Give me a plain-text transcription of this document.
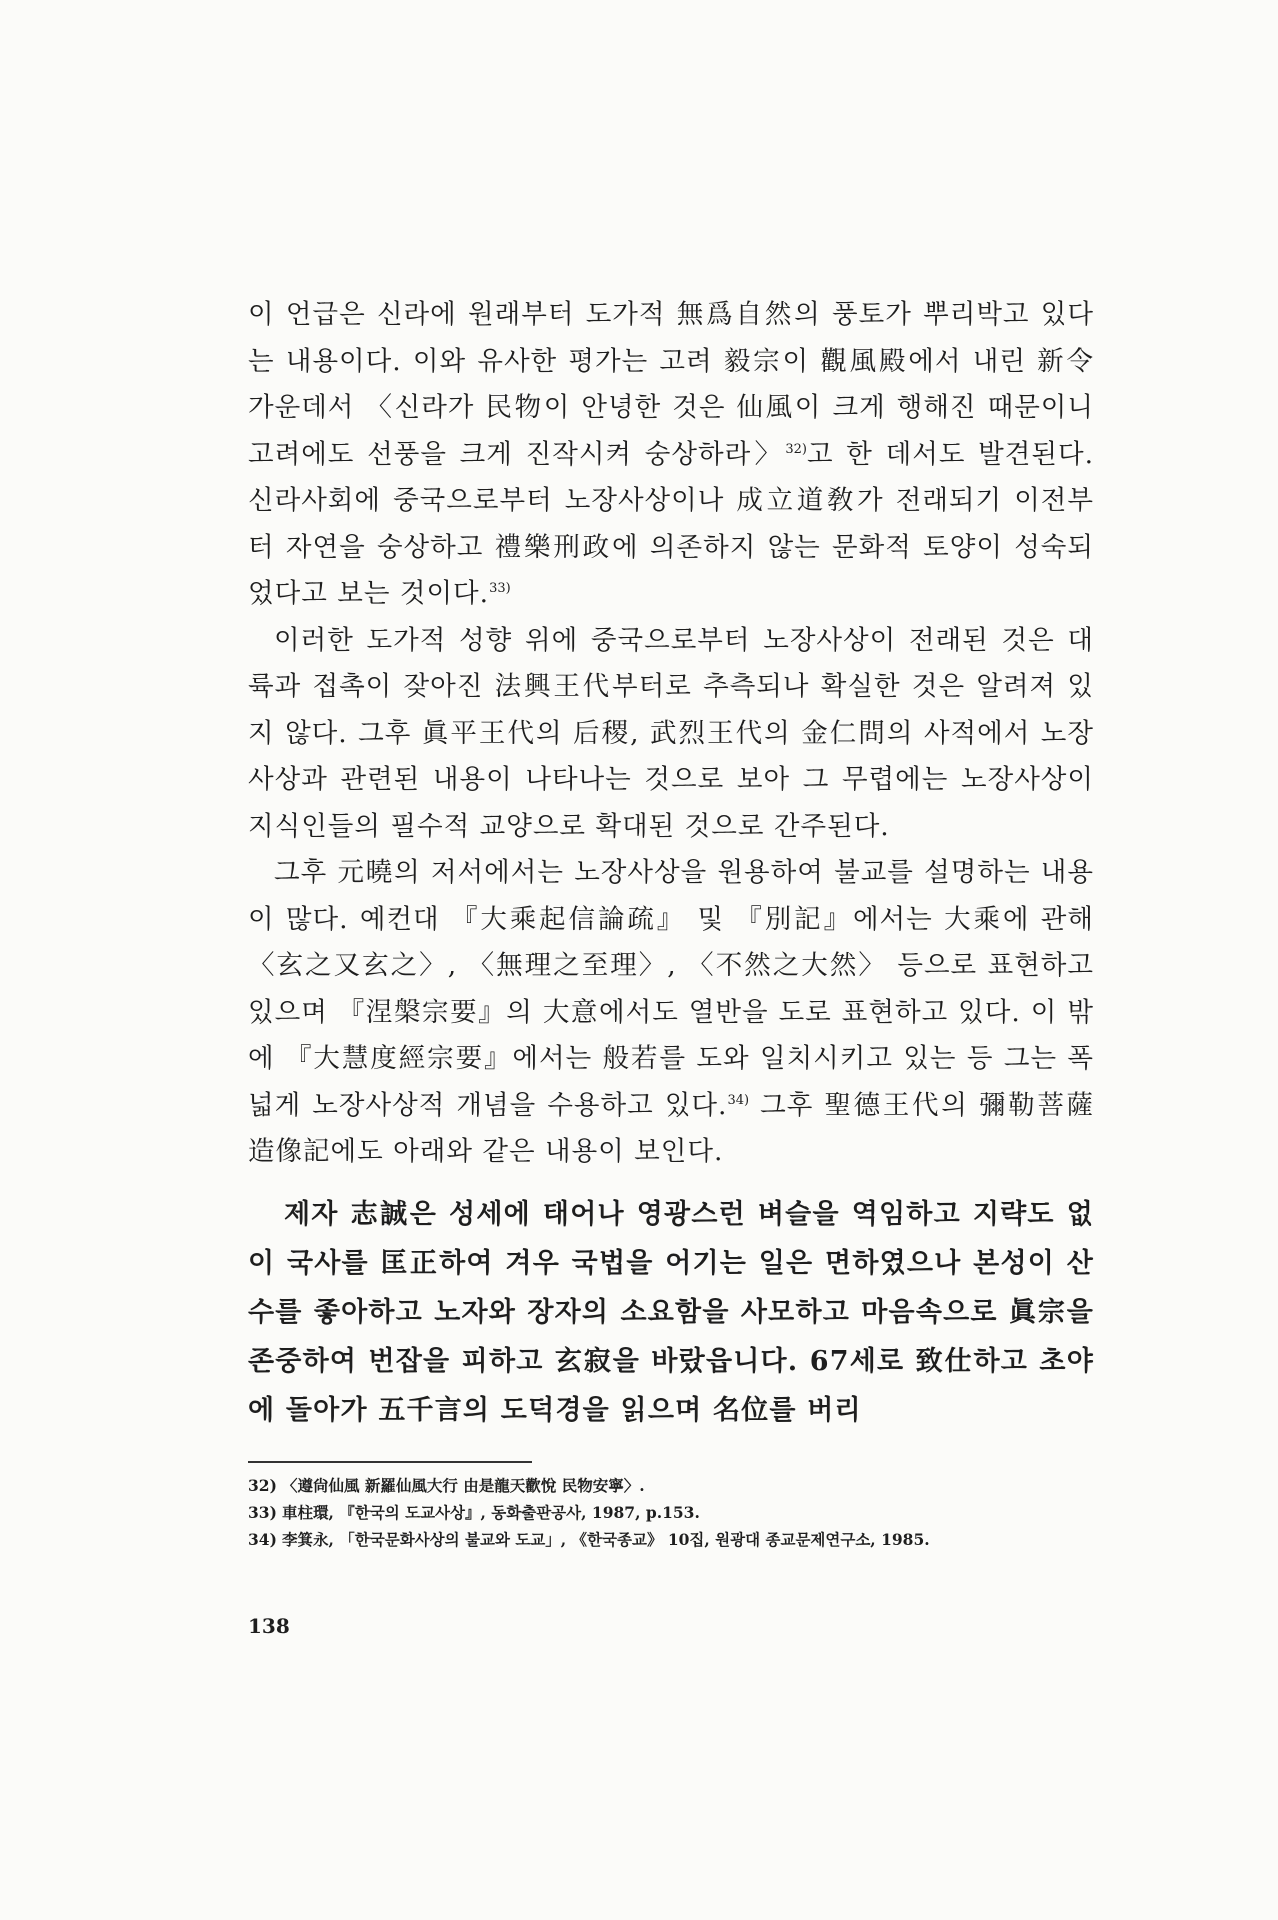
이 언급은 신라에 원래부터 도가적 無爲自然의 풍토가 뿌리박고 있다는 내용이다. 이와 유사한 평가는 고려 毅宗이 觀風殿에서 내린 新令 가운데서 〈신라가 民物이 안녕한 것은 仙風이 크게 행해진 때문이니 고려에도 선풍을 크게 진작시켜 숭상하라〉$^{32)}$고 한 데서도 발견된다. 신라사회에 중국으로부터 노장사상이나 成立道敎가 전래되기 이전부터 자연을 숭상하고 禮樂刑政에 의존하지 않는 문화적 토양이 성숙되었다고 보는 것이다.$^{33)}$

이러한 도가적 성향 위에 중국으로부터 노장사상이 전래된 것은 대륙과 접촉이 잦아진 法興王代부터로 추측되나 확실한 것은 알려져 있지 않다. 그후 眞平王代의 后稷, 武烈王代의 金仁問의 사적에서 노장사상과 관련된 내용이 나타나는 것으로 보아 그 무렵에는 노장사상이 지식인들의 필수적 교양으로 확대된 것으로 간주된다.

그후 元曉의 저서에서는 노장사상을 원용하여 불교를 설명하는 내용이 많다. 예컨대 『大乘起信論疏』 및 『別記』에서는 大乘에 관해 〈玄之又玄之〉, 〈無理之至理〉, 〈不然之大然〉 등으로 표현하고 있으며 『涅槃宗要』의 大意에서도 열반을 도로 표현하고 있다. 이 밖에 『大慧度經宗要』에서는 般若를 도와 일치시키고 있는 등 그는 폭넓게 노장사상적 개념을 수용하고 있다.$^{34)}$ 그후 聖德王代의 彌勒菩薩造像記에도 아래와 같은 내용이 보인다.

제자 志誠은 성세에 태어나 영광스런 벼슬을 역임하고 지략도 없이 국사를 匡正하여 겨우 국법을 어기는 일은 면하였으나 본성이 산수를 좋아하고 노자와 장자의 소요함을 사모하고 마음속으로 眞宗을 존중하여 번잡을 피하고 玄寂을 바랐읍니다. 67세로 致仕하고 초야에 돌아가 五千言의 도덕경을 읽으며 名位를 버리

32) 〈遵尙仙風 新羅仙風大行 由是龍天歡悅 民物安寧〉.

33) 車柱環, 『한국의 도교사상』, 동화출판공사, 1987, p.153.

34) 李箕永, 「한국문화사상의 불교와 도교」, 《한국종교》 10집, 원광대 종교문제연구소, 1985.

138
